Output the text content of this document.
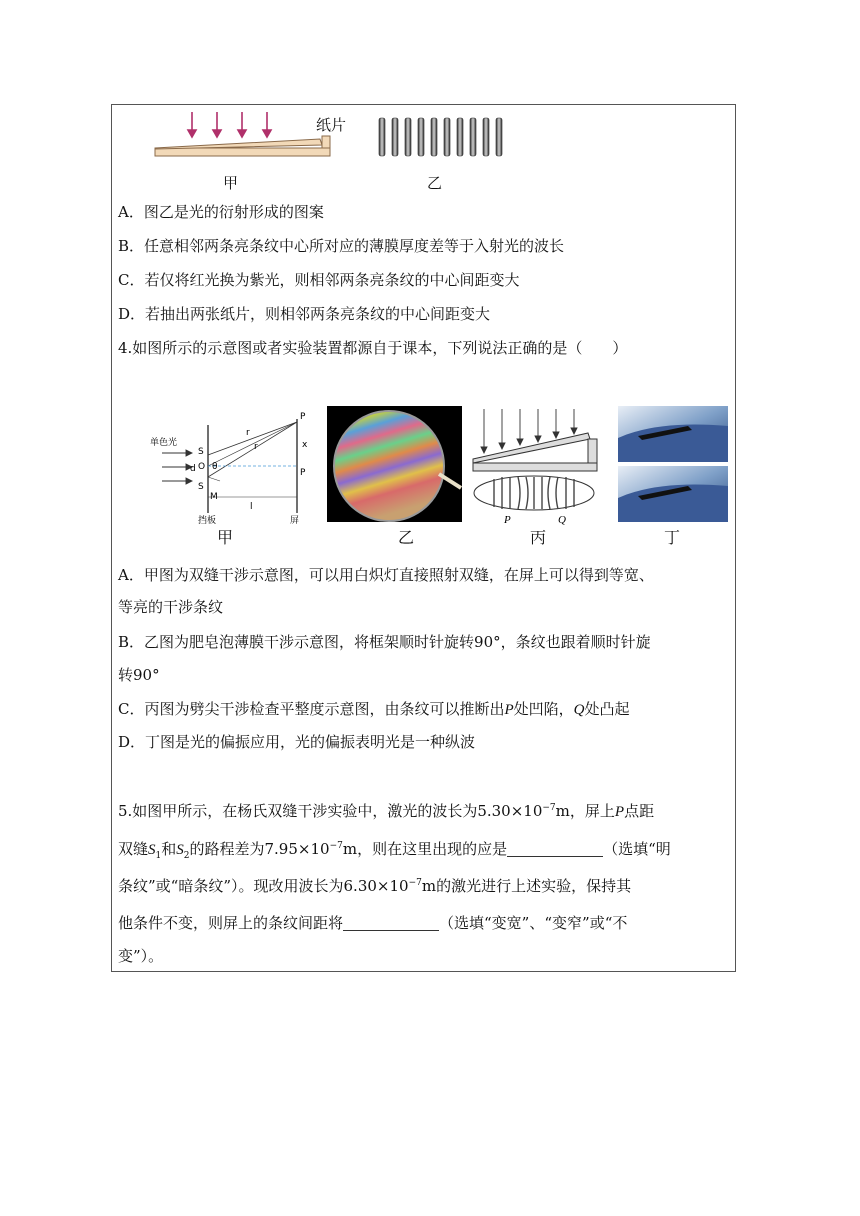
纸片
甲	乙
A．图乙是光的衍射形成的图案
B．任意相邻两条亮条纹中心所对应的薄膜厚度差等于入射光的波长
C．若仅将红光换为紫光，则相邻两条亮条纹的中心间距变大
D．若抽出两张纸片，则相邻两条亮条纹的中心间距变大
4.如图所示的示意图或者实验装置都源自于课本，下列说法正确的是（　　）
单色光
S
O
S
θ
d
r
r
P
P
x
M
l
挡板	屏	P	Q
甲	乙	丙	丁
A．甲图为双缝干涉示意图，可以用白炽灯直接照射双缝，在屏上可以得到等宽、
等亮的干涉条纹
B．乙图为肥皂泡薄膜干涉示意图，将框架顺时针旋转90°，条纹也跟着顺时针旋
转90°
C．丙图为劈尖干涉检查平整度示意图，由条纹可以推断出P处凹陷，Q处凸起
D．丁图是光的偏振应用，光的偏振表明光是一种纵波
5.如图甲所示，在杨氏双缝干涉实验中，激光的波长为$5.30\times 10^{-7}m$，屏上P点距
双缝$S_1$和$S_2$的路程差为$7.95\times 10^{-7}m$，则在这里出现的应是	（选填“明
条纹”或“暗条纹”）。现改用波长为$6.30\times 10^{-7}m$的激光进行上述实验，保持其
他条件不变，则屏上的条纹间距将	（选填“变宽”、“变窄”或“不
变”）。
